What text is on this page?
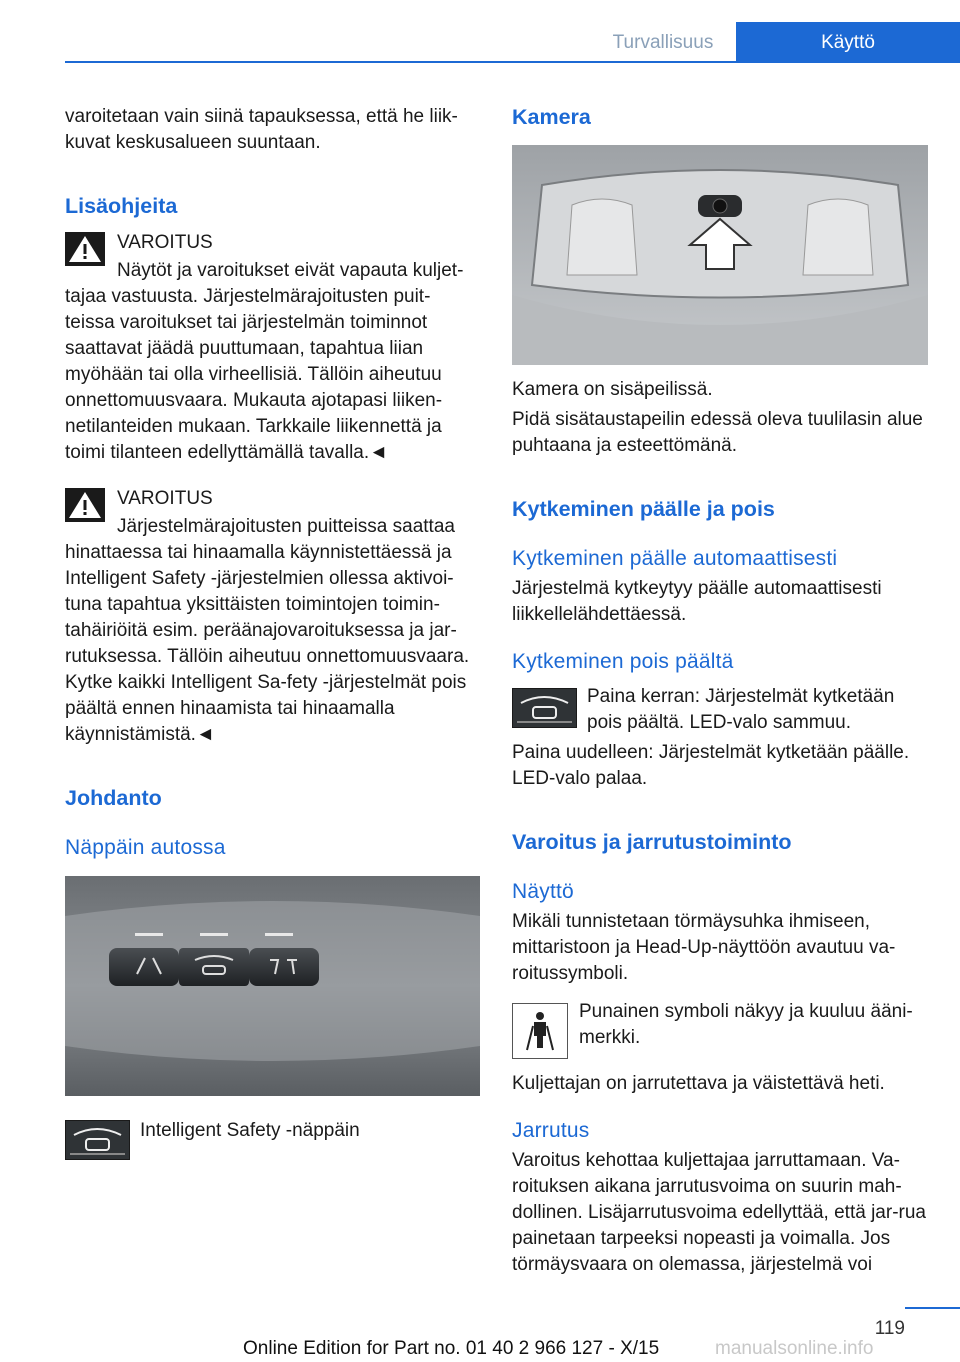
Turvallisuus	Käyttö

varoitetaan vain siinä tapauksessa, että he liik-kuvat keskusalueen suuntaan.

Lisäohjeita

VAROITUS

Näytöt ja varoitukset eivät vapauta kuljet-

tajaa vastuusta. Järjestelmärajoitusten puit-teissa varoitukset tai järjestelmän toiminnot saattavat jäädä puuttumaan, tapahtua liian myöhään tai olla virheellisiä. Tällöin aiheutuu onnettomuusvaara. Mukauta ajotapasi liiken-netilanteiden mukaan. Tarkkaile liikennettä ja toimi tilanteen edellyttämällä tavalla.◄

VAROITUS

Järjestelmärajoitusten puitteissa saattaa

hinattaessa tai hinaamalla käynnistettäessä ja Intelligent Safety -järjestelmien ollessa aktivoi-tuna tapahtua yksittäisten toimintojen toimin-tahäiriöitä esim. peräänajovaroituksessa ja jar-rutuksessa. Tällöin aiheutuu onnettomuusvaara. Kytke kaikki Intelligent Sa-fety -järjestelmät pois päältä ennen hinaamista tai hinaamalla käynnistämistä.◄

Johdanto
Näppäin autossa

Intelligent Safety -näppäin

Kamera

Kamera on sisäpeilissä.

Pidä sisätaustapeilin edessä oleva tuulilasin alue puhtaana ja esteettömänä.

Kytkeminen päälle ja pois
Kytkeminen päälle automaattisesti

Järjestelmä kytkeytyy päälle automaattisesti liikkellelähdettäessä.

Kytkeminen pois päältä

Paina kerran: Järjestelmät kytketään pois päältä. LED-valo sammuu.

Paina uudelleen: Järjestelmät kytketään päälle. LED-valo palaa.

Varoitus ja jarrutustoiminto
Näyttö

Mikäli tunnistetaan törmäysuhka ihmiseen, mittaristoon ja Head-Up-näyttöön avautuu va-roitussymboli.

Punainen symboli näkyy ja kuuluu ääni-merkki.

Kuljettajan on jarrutettava ja väistettävä heti.

Jarrutus

Varoitus kehottaa kuljettajaa jarruttamaan. Va-roituksen aikana jarrutusvoima on suurin mah-dollinen. Lisäjarrutusvoima edellyttää, että jar-rua painetaan tarpeeksi nopeasti ja voimalla. Jos törmäysvaara on olemassa, järjestelmä voi

119
Online Edition for Part no. 01 40 2 966 127 - X/15	manualsonline.info
